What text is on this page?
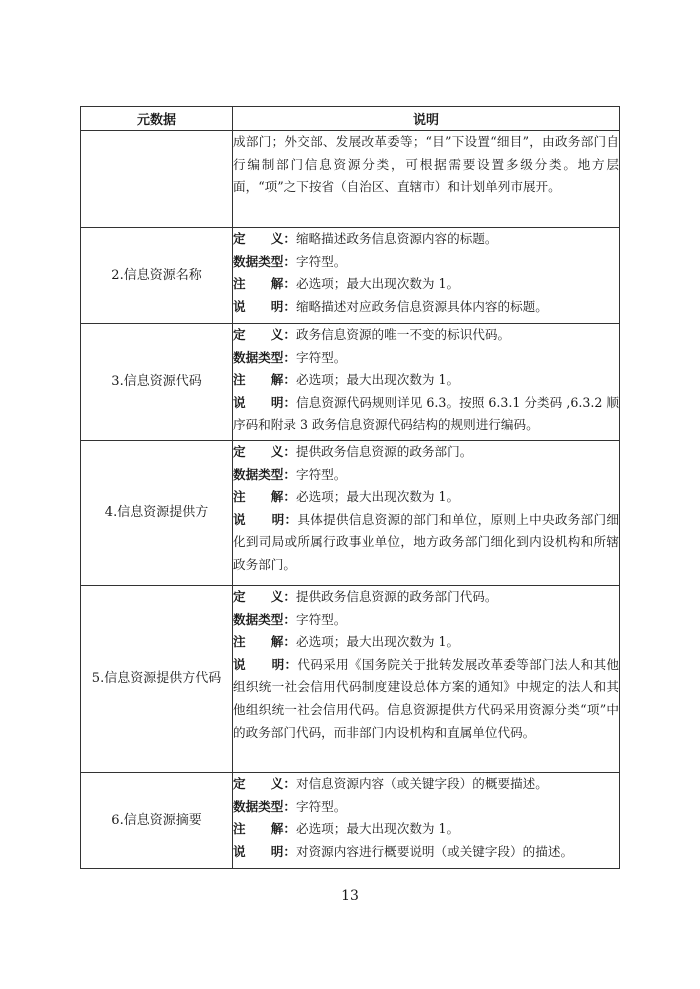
元数据	说明

	成部门；外交部、发展改革委等；“目”下设置“细目”，由政务部门自行编制部门信息资源分类，可根据需要设置多级分类。地方层面，“项”之下按省（自治区、直辖市）和计划单列市展开。

2.信息资源名称	定　　义：缩略描述政务信息资源内容的标题。
数据类型：字符型。
注　　解：必选项；最大出现次数为 1。
说　　明：缩略描述对应政务信息资源具体内容的标题。

3.信息资源代码	定　　义：政务信息资源的唯一不变的标识代码。
数据类型：字符型。
注　　解：必选项；最大出现次数为 1。
说　　明：信息资源代码规则详见 6.3。按照 6.3.1 分类码 ,6.3.2 顺序码和附录 3 政务信息资源代码结构的规则进行编码。

4.信息资源提供方	定　　义：提供政务信息资源的政务部门。
数据类型：字符型。
注　　解：必选项；最大出现次数为 1。
说　　明：具体提供信息资源的部门和单位，原则上中央政务部门细化到司局或所属行政事业单位，地方政务部门细化到内设机构和所辖政务部门。

5.信息资源提供方代码	定　　义：提供政务信息资源的政务部门代码。
数据类型：字符型。
注　　解：必选项；最大出现次数为 1。
说　　明：代码采用《国务院关于批转发展改革委等部门法人和其他组织统一社会信用代码制度建设总体方案的通知》中规定的法人和其他组织统一社会信用代码。信息资源提供方代码采用资源分类“项”中的政务部门代码，而非部门内设机构和直属单位代码。

6.信息资源摘要	定　　义：对信息资源内容（或关键字段）的概要描述。
数据类型：字符型。
注　　解：必选项；最大出现次数为 1。
说　　明：对资源内容进行概要说明（或关键字段）的描述。
13
